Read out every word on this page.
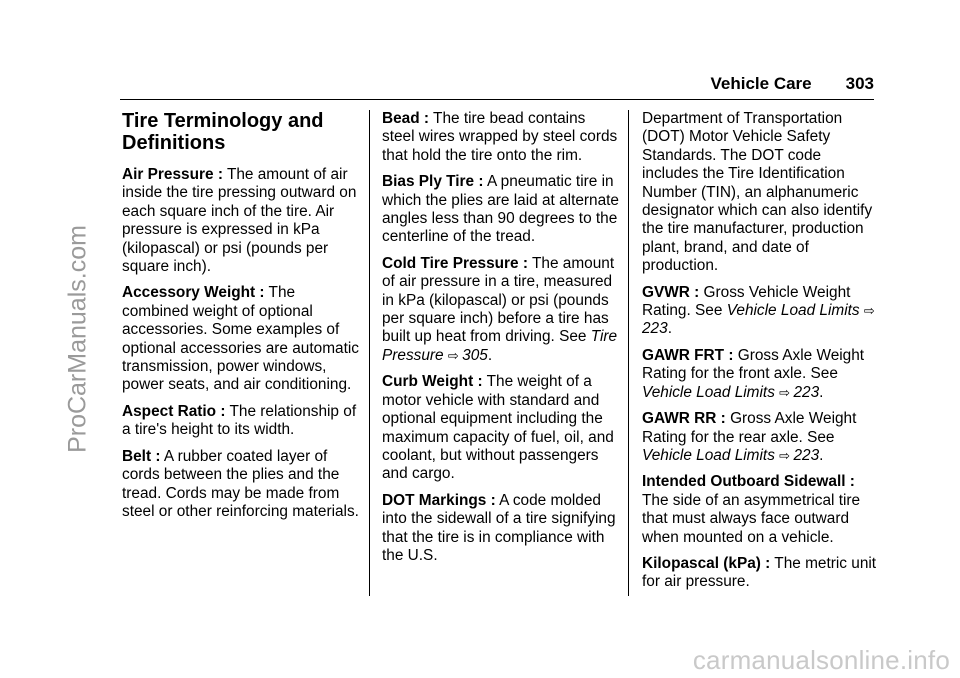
ProCarManuals.com
carmanualsonline.info
Vehicle Care 303
Tire Terminology and Definitions

Air Pressure : The amount of air inside the tire pressing outward on each square inch of the tire. Air pressure is expressed in kPa (kilopascal) or psi (pounds per square inch).

Accessory Weight : The combined weight of optional accessories. Some examples of optional accessories are automatic transmission, power windows, power seats, and air conditioning.

Aspect Ratio : The relationship of a tire's height to its width.

Belt : A rubber coated layer of cords between the plies and the tread. Cords may be made from steel or other reinforcing materials.

Bead : The tire bead contains steel wires wrapped by steel cords that hold the tire onto the rim.

Bias Ply Tire : A pneumatic tire in which the plies are laid at alternate angles less than 90 degrees to the centerline of the tread.

Cold Tire Pressure : The amount of air pressure in a tire, measured in kPa (kilopascal) or psi (pounds per square inch) before a tire has built up heat from driving. See Tire Pressure ⇨ 305.

Curb Weight : The weight of a motor vehicle with standard and optional equipment including the maximum capacity of fuel, oil, and coolant, but without passengers and cargo.

DOT Markings : A code molded into the sidewall of a tire signifying that the tire is in compliance with the U.S.

Department of Transportation (DOT) Motor Vehicle Safety Standards. The DOT code includes the Tire Identification Number (TIN), an alphanumeric designator which can also identify the tire manufacturer, production plant, brand, and date of production.

GVWR : Gross Vehicle Weight Rating. See Vehicle Load Limits ⇨ 223.

GAWR FRT : Gross Axle Weight Rating for the front axle. See Vehicle Load Limits ⇨ 223.

GAWR RR : Gross Axle Weight Rating for the rear axle. See Vehicle Load Limits ⇨ 223.

Intended Outboard Sidewall : The side of an asymmetrical tire that must always face outward when mounted on a vehicle.

Kilopascal (kPa) : The metric unit for air pressure.
